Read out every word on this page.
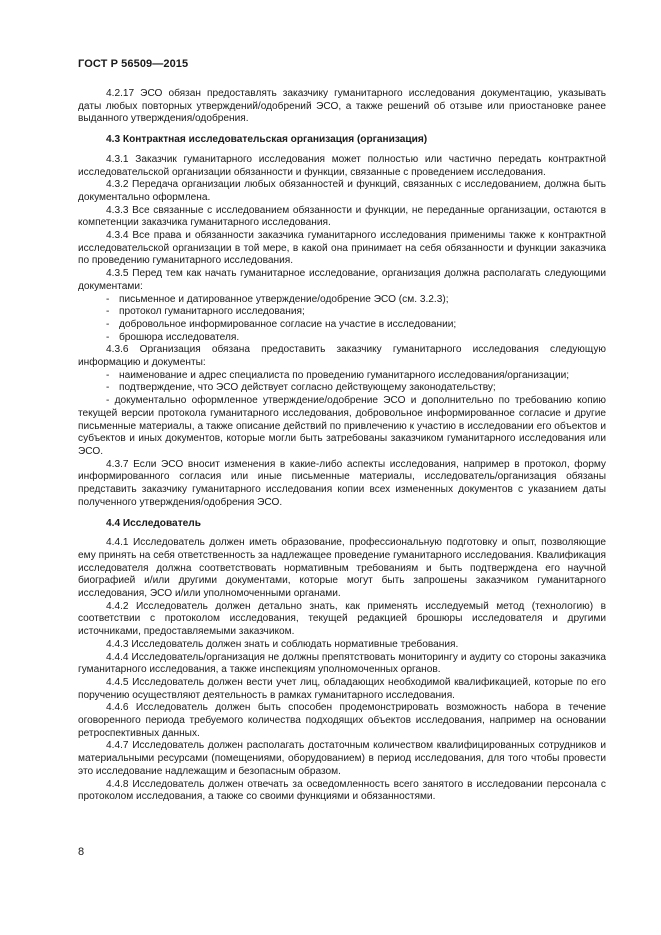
ГОСТ Р 56509—2015

4.2.17 ЭСО обязан предоставлять заказчику гуманитарного исследования документацию, указывать даты любых повторных утверждений/одобрений ЭСО, а также решений об отзыве или приостановке ранее выданного утверждения/одобрения.

4.3 Контрактная исследовательская организация (организация)

4.3.1 Заказчик гуманитарного исследования может полностью или частично передать контрактной исследовательской организации обязанности и функции, связанные с проведением исследования.

4.3.2 Передача организации любых обязанностей и функций, связанных с исследованием, должна быть документально оформлена.

4.3.3 Все связанные с исследованием обязанности и функции, не переданные организации, остаются в компетенции заказчика гуманитарного исследования.

4.3.4 Все права и обязанности заказчика гуманитарного исследования применимы также к контрактной исследовательской организации в той мере, в какой она принимает на себя обязанности и функции заказчика по проведению гуманитарного исследования.

4.3.5 Перед тем как начать гуманитарное исследование, организация должна располагать следующими документами:

- письменное и датированное утверждение/одобрение ЭСО (см. 3.2.3);

- протокол гуманитарного исследования;

- добровольное информированное согласие на участие в исследовании;

- брошюра исследователя.

4.3.6 Организация обязана предоставить заказчику гуманитарного исследования следующую информацию и документы:

- наименование и адрес специалиста по проведению гуманитарного исследования/организации;

- подтверждение, что ЭСО действует согласно действующему законодательству;

- документально оформленное утверждение/одобрение ЭСО и дополнительно по требованию копию текущей версии протокола гуманитарного исследования, добровольное информированное согласие и другие письменные материалы, а также описание действий по привлечению к участию в исследовании его объектов и субъектов и иных документов, которые могли быть затребованы заказчиком гуманитарного исследования или ЭСО.

4.3.7 Если ЭСО вносит изменения в какие-либо аспекты исследования, например в протокол, форму информированного согласия или иные письменные материалы, исследователь/организация обязаны представить заказчику гуманитарного исследования копии всех измененных документов с указанием даты полученного утверждения/одобрения ЭСО.

4.4 Исследователь

4.4.1 Исследователь должен иметь образование, профессиональную подготовку и опыт, позволяющие ему принять на себя ответственность за надлежащее проведение гуманитарного исследования. Квалификация исследователя должна соответствовать нормативным требованиям и быть подтверждена его научной биографией и/или другими документами, которые могут быть запрошены заказчиком гуманитарного исследования, ЭСО и/или уполномоченными органами.

4.4.2 Исследователь должен детально знать, как применять исследуемый метод (технологию) в соответствии с протоколом исследования, текущей редакцией брошюры исследователя и другими источниками, предоставляемыми заказчиком.

4.4.3 Исследователь должен знать и соблюдать нормативные требования.

4.4.4 Исследователь/организация не должны препятствовать мониторингу и аудиту со стороны заказчика гуманитарного исследования, а также инспекциям уполномоченных органов.

4.4.5 Исследователь должен вести учет лиц, обладающих необходимой квалификацией, которые по его поручению осуществляют деятельность в рамках гуманитарного исследования.

4.4.6 Исследователь должен быть способен продемонстрировать возможность набора в течение оговоренного периода требуемого количества подходящих объектов исследования, например на основании ретроспективных данных.

4.4.7 Исследователь должен располагать достаточным количеством квалифицированных сотрудников и материальными ресурсами (помещениями, оборудованием) в период исследования, для того чтобы провести это исследование надлежащим и безопасным образом.

4.4.8 Исследователь должен отвечать за осведомленность всего занятого в исследовании персонала с протоколом исследования, а также со своими функциями и обязанностями.

8
